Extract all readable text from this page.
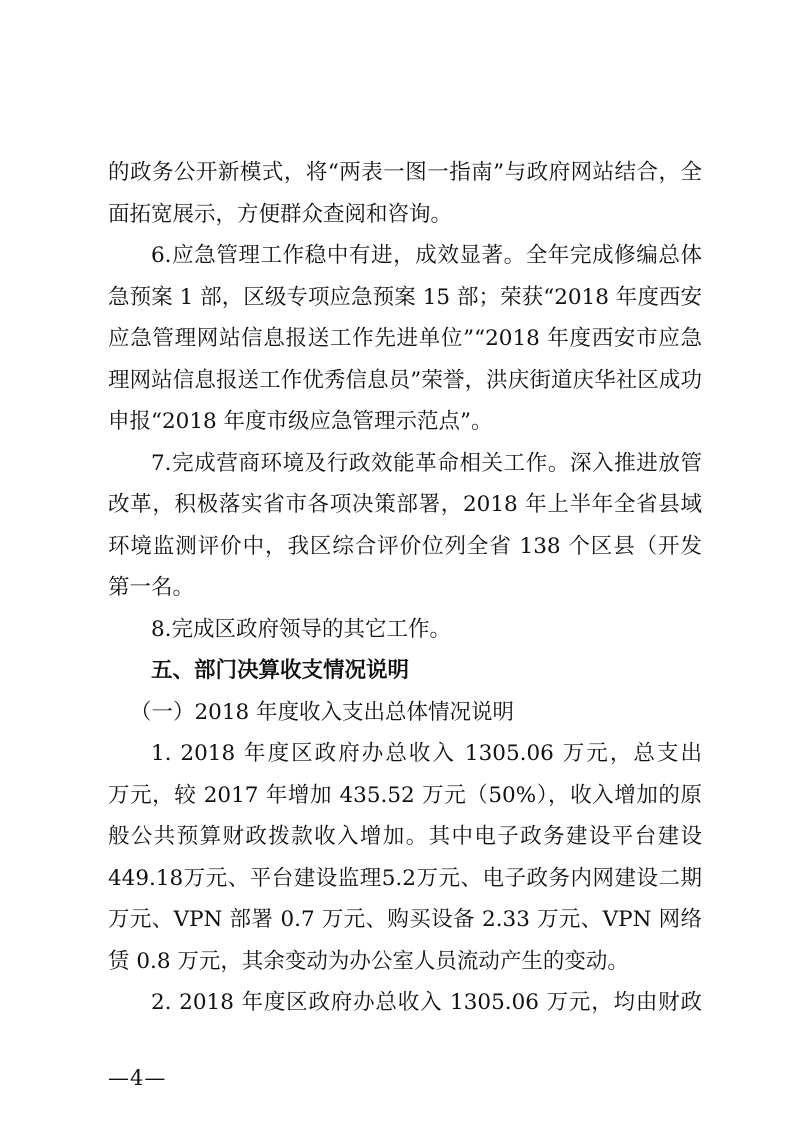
的政务公开新模式，将“两表一图一指南”与政府网站结合，全
面拓宽展示，方便群众查阅和咨询。
6.应急管理工作稳中有进，成效显著。全年完成修编总体
急预案 1 部，区级专项应急预案 15 部；荣获“2018 年度西安
应急管理网站信息报送工作先进单位”“2018 年度西安市应急
理网站信息报送工作优秀信息员”荣誉，洪庆街道庆华社区成功
申报“2018 年度市级应急管理示范点”。
7.完成营商环境及行政效能革命相关工作。深入推进放管
改革，积极落实省市各项决策部署，2018 年上半年全省县域
环境监测评价中，我区综合评价位列全省 138 个区县（开发
第一名。
8.完成区政府领导的其它工作。
五、部门决算收支情况说明
（一）2018 年度收入支出总体情况说明
1. 2018 年度区政府办总收入 1305.06 万元，总支出
万元，较 2017 年增加 435.52 万元（50%），收入增加的原
般公共预算财政拨款收入增加。其中电子政务建设平台建设
449.18万元、平台建设监理5.2万元、电子政务内网建设二期
万元、VPN 部署 0.7 万元、购买设备 2.33 万元、VPN 网络
赁 0.8 万元，其余变动为办公室人员流动产生的变动。
2. 2018 年度区政府办总收入 1305.06 万元，均由财政
—4—
